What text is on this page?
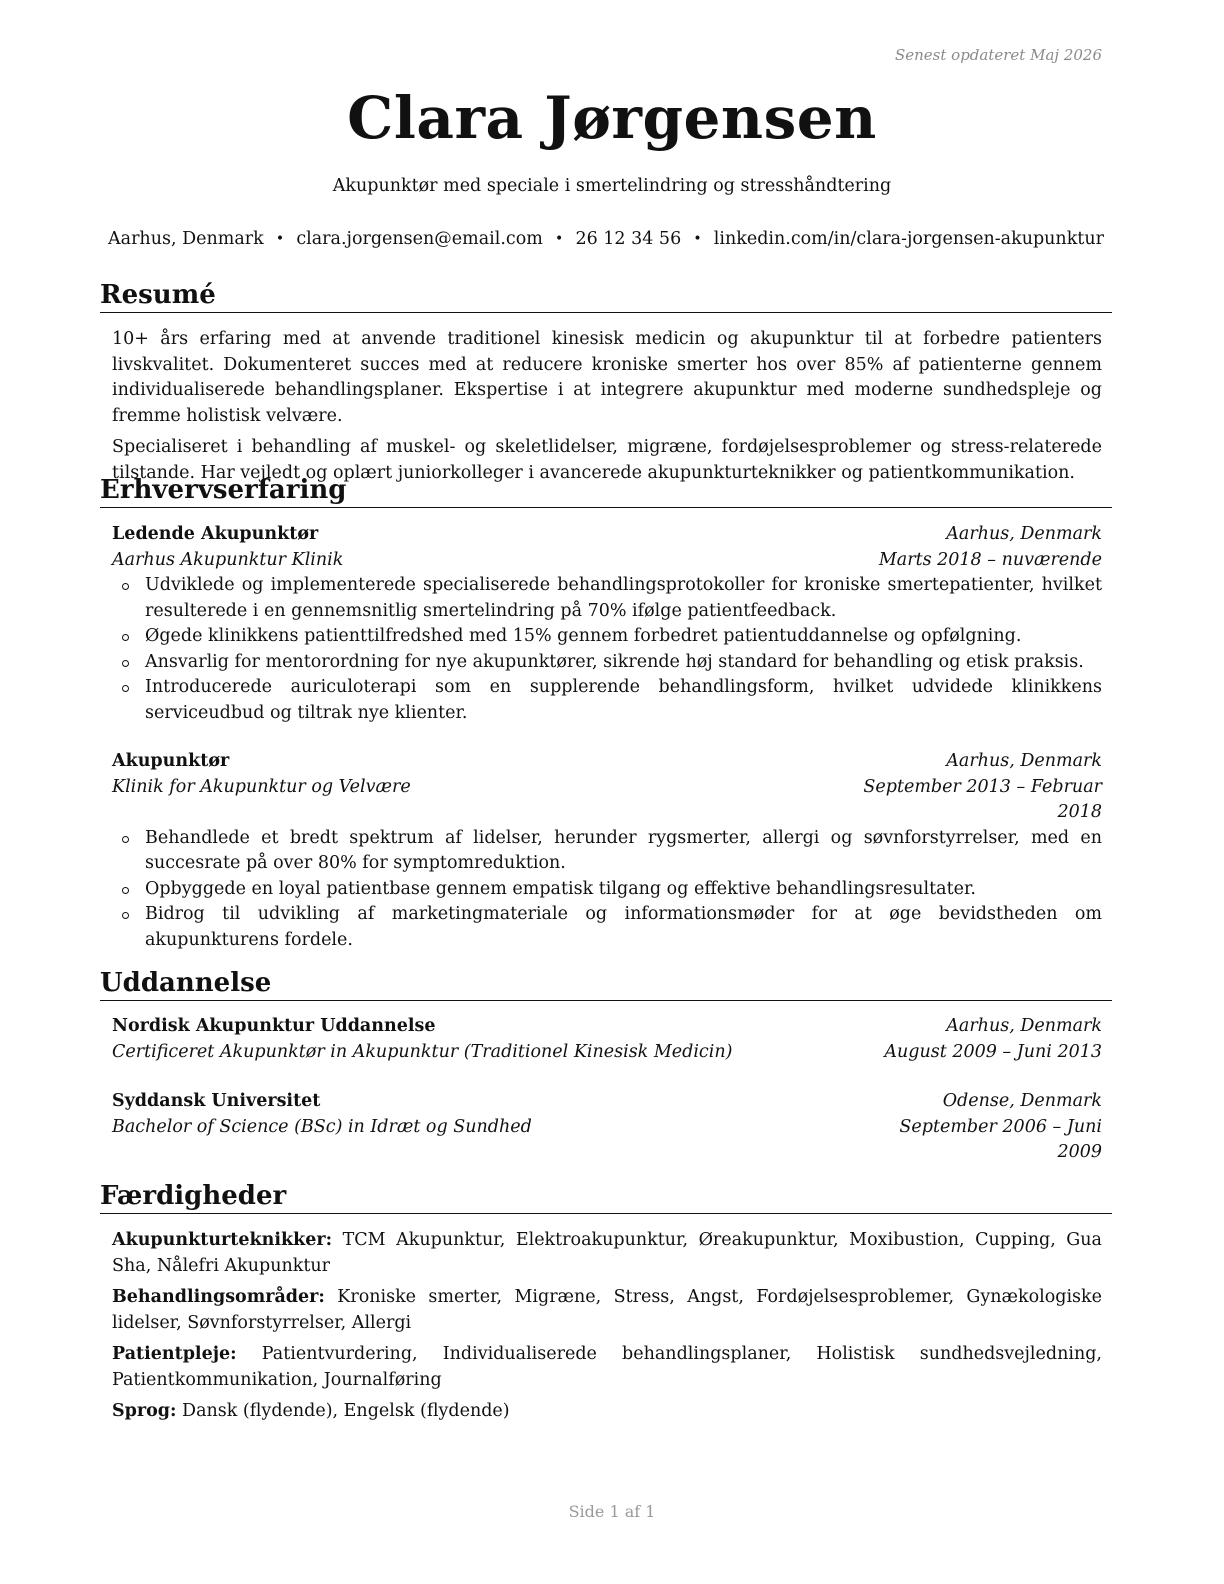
Senest opdateret Maj 2026
Clara Jørgensen
Akupunktør med speciale i smertelindring og stresshåndtering
Aarhus, Denmark • clara.jorgensen@email.com • 26 12 34 56 • linkedin.com/in/clara-jorgensen-akupunktur
Resumé

10+ års erfaring med at anvende traditionel kinesisk medicin og akupunktur til at forbedre patienters livskvalitet. Dokumenteret succes med at reducere kroniske smerter hos over 85% af patienterne gennem individualiserede behandlingsplaner. Ekspertise i at integrere akupunktur med moderne sundhedspleje og fremme holistisk velvære.

Specialiseret i behandling af muskel- og skeletlidelser, migræne, fordøjelsesproblemer og stress-relaterede tilstande. Har vejledt og oplært juniorkolleger i avancerede akupunkturteknikker og patientkommunikation.

Erhvervserfaring
Ledende Akupunktør	Aarhus, Denmark
Aarhus Akupunktur Klinik	Marts 2018 – nuværende
Udviklede og implementerede specialiserede behandlingsprotokoller for kroniske smertepatienter, hvilket resulterede i en gennemsnitlig smertelindring på 70% ifølge patientfeedback.
Øgede klinikkens patienttilfredshed med 15% gennem forbedret patientuddannelse og opfølgning.
Ansvarlig for mentorordning for nye akupunktører, sikrende høj standard for behandling og etisk praksis.
Introducerede auriculoterapi som en supplerende behandlingsform, hvilket udvidede klinikkens serviceudbud og tiltrak nye klienter.
Akupunktør	Aarhus, Denmark
Klinik for Akupunktur og Velvære	September 2013 – Februar 2018
Behandlede et bredt spektrum af lidelser, herunder rygsmerter, allergi og søvnforstyrrelser, med en succesrate på over 80% for symptomreduktion.
Opbyggede en loyal patientbase gennem empatisk tilgang og effektive behandlingsresultater.
Bidrog til udvikling af marketingmateriale og informationsmøder for at øge bevidstheden om akupunkturens fordele.
Uddannelse
Nordisk Akupunktur Uddannelse	Aarhus, Denmark
Certificeret Akupunktør in Akupunktur (Traditionel Kinesisk Medicin)	August 2009 – Juni 2013
Syddansk Universitet	Odense, Denmark
Bachelor of Science (BSc) in Idræt og Sundhed	September 2006 – Juni 2009
Færdigheder

Akupunkturteknikker: TCM Akupunktur, Elektroakupunktur, Øreakupunktur, Moxibustion, Cupping, Gua Sha, Nålefri Akupunktur

Behandlingsområder: Kroniske smerter, Migræne, Stress, Angst, Fordøjelsesproblemer, Gynækologiske lidelser, Søvnforstyrrelser, Allergi

Patientpleje: Patientvurdering, Individualiserede behandlingsplaner, Holistisk sundhedsvejledning, Patientkommunikation, Journalføring

Sprog: Dansk (flydende), Engelsk (flydende)

Side 1 af 1
